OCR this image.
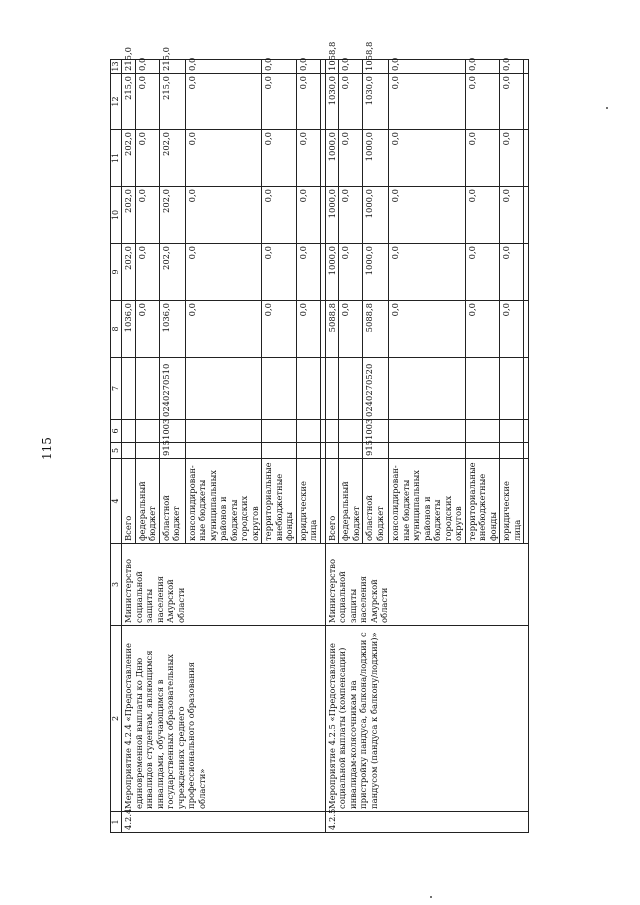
115
1	2	3	4	5	6	7	8	9	10	11	12	13	
4.2.4	Мероприятие 4.2.4 «Предоставление единовременной выплаты ко Дню инвалидов студентам, являющимся инвалидами, обучающимся в государственных образовательных учреждениях среднего профессионального образования области»	Министерство социальной защиты населения Амурской области	Всего				1036,0	202,0	202,0	202,0	215,0	215,0	
			федеральный бюджет				0,0	0,0	0,0	0,0	0,0	0,0	
			областной бюджет	915	1003	0240270510	1036,0	202,0	202,0	202,0	215,0	215,0	
			консолидирован-ные бюджеты муниципальных районов и бюджеты городских округов				0,0	0,0	0,0	0,0	0,0	0,0	
			территориальные внебюджетные фонды				0,0	0,0	0,0	0,0	0,0	0,0	
			юридические лица				0,0	0,0	0,0	0,0	0,0	0,0	

4.2.5	Мероприятие 4.2.5 «Предоставление социальной выплаты (компенсации) инвалидам-колясочникам на пристройку пандуса, балкона/лоджии с пандусом (пандуса к балкону/лоджии)»	Министерство социальной защиты населения Амурской области	Всего				5088,8	1000,0	1000,0	1000,0	1030,0	1058,8	
			федеральный бюджет				0,0	0,0	0,0	0,0	0,0	0,0	
			областной бюджет	915	1003	0240270520	5088,8	1000,0	1000,0	1000,0	1030,0	1058,8	
			консолидирован-ные бюджеты муниципальных районов и бюджеты городских округов				0,0	0,0	0,0	0,0	0,0	0,0	
			территориальные внебюджетные фонды				0,0	0,0	0,0	0,0	0,0	0,0	
			юридические лица				0,0	0,0	0,0	0,0	0,0	0,0	
